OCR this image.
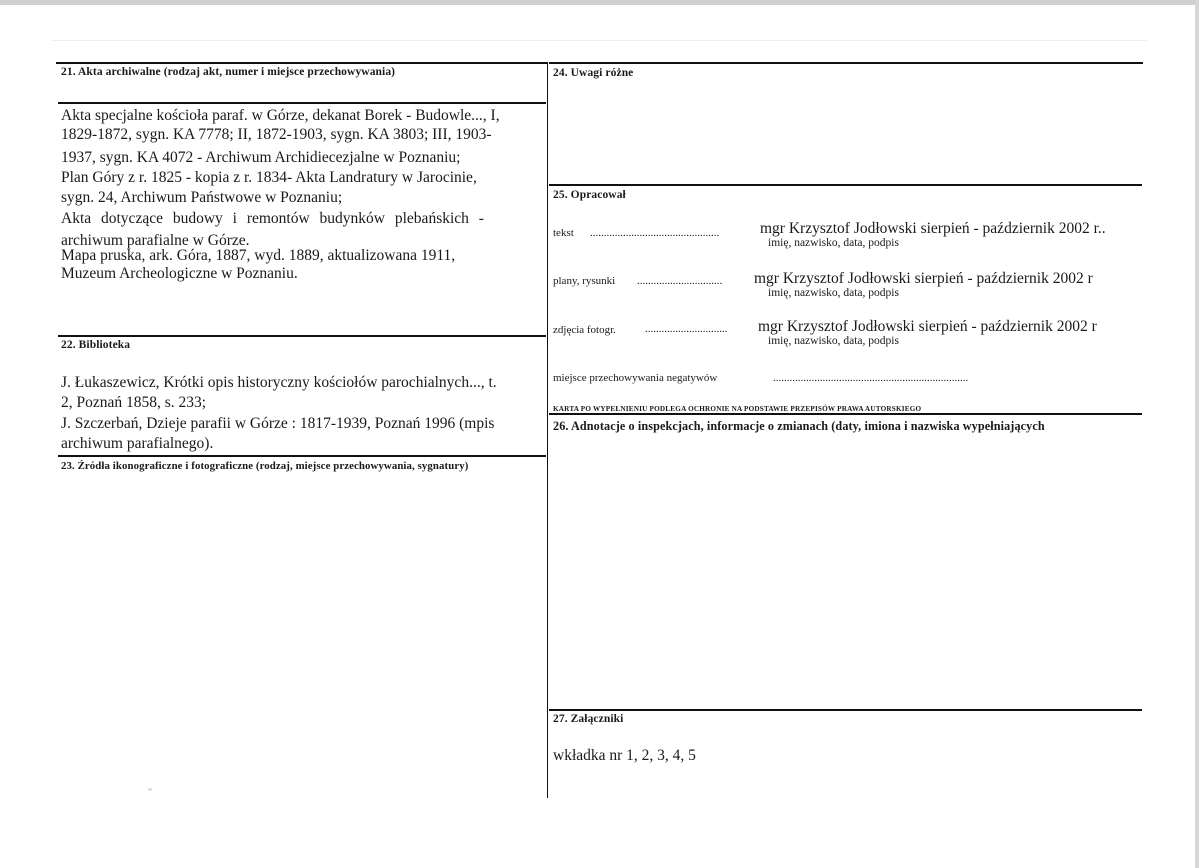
21. Akta archiwalne (rodzaj akt, numer i miejsce przechowywania)
Akta specjalne kościoła paraf. w Górze, dekanat Borek - Budowle..., I,
1829-1872, sygn. KA 7778; II, 1872-1903, sygn. KA 3803; III, 1903-
1937, sygn. KA 4072 - Archiwum Archidiecezjalne w Poznaniu;
Plan Góry z r. 1825 - kopia z r. 1834- Akta Landratury w Jarocinie,
sygn. 24, Archiwum Państwowe w Poznaniu;
Akta dotyczące budowy i remontów budynków plebańskich -
archiwum parafialne w Górze.
Mapa pruska, ark. Góra, 1887, wyd. 1889, aktualizowana 1911,
Muzeum Archeologiczne w Poznaniu.
22. Biblioteka
J. Łukaszewicz, Krótki opis historyczny kościołów parochialnych..., t.
2, Poznań 1858, s. 233;
J. Szczerbań, Dzieje parafii w Górze : 1817-1939, Poznań 1996 (mpis
archiwum parafialnego).
23. Źródła ikonograficzne i fotograficzne (rodzaj, miejsce przechowywania, sygnatury)
24. Uwagi różne
25. Opracował
tekst ...............................................	mgr Krzysztof Jodłowski sierpień - październik 2002 r..
imię, nazwisko, data, podpis
plany, rysunki ............................... mgr Krzysztof Jodłowski sierpień - październik 2002 r
imię, nazwisko, data, podpis
zdjęcia fotogr.	.............................. mgr Krzysztof Jodłowski sierpień - październik 2002 r
imię, nazwisko, data, podpis
miejsce przechowywania negatywów	.......................................................................
KARTA PO WYPEŁNIENIU PODLEGA OCHRONIE NA PODSTAWIE PRZEPISÓW PRAWA AUTORSKIEGO
26. Adnotacje o inspekcjach, informacje o zmianach (daty, imiona i nazwiska wypełniających
27. Załączniki
wkładka nr 1, 2, 3, 4, 5
”
